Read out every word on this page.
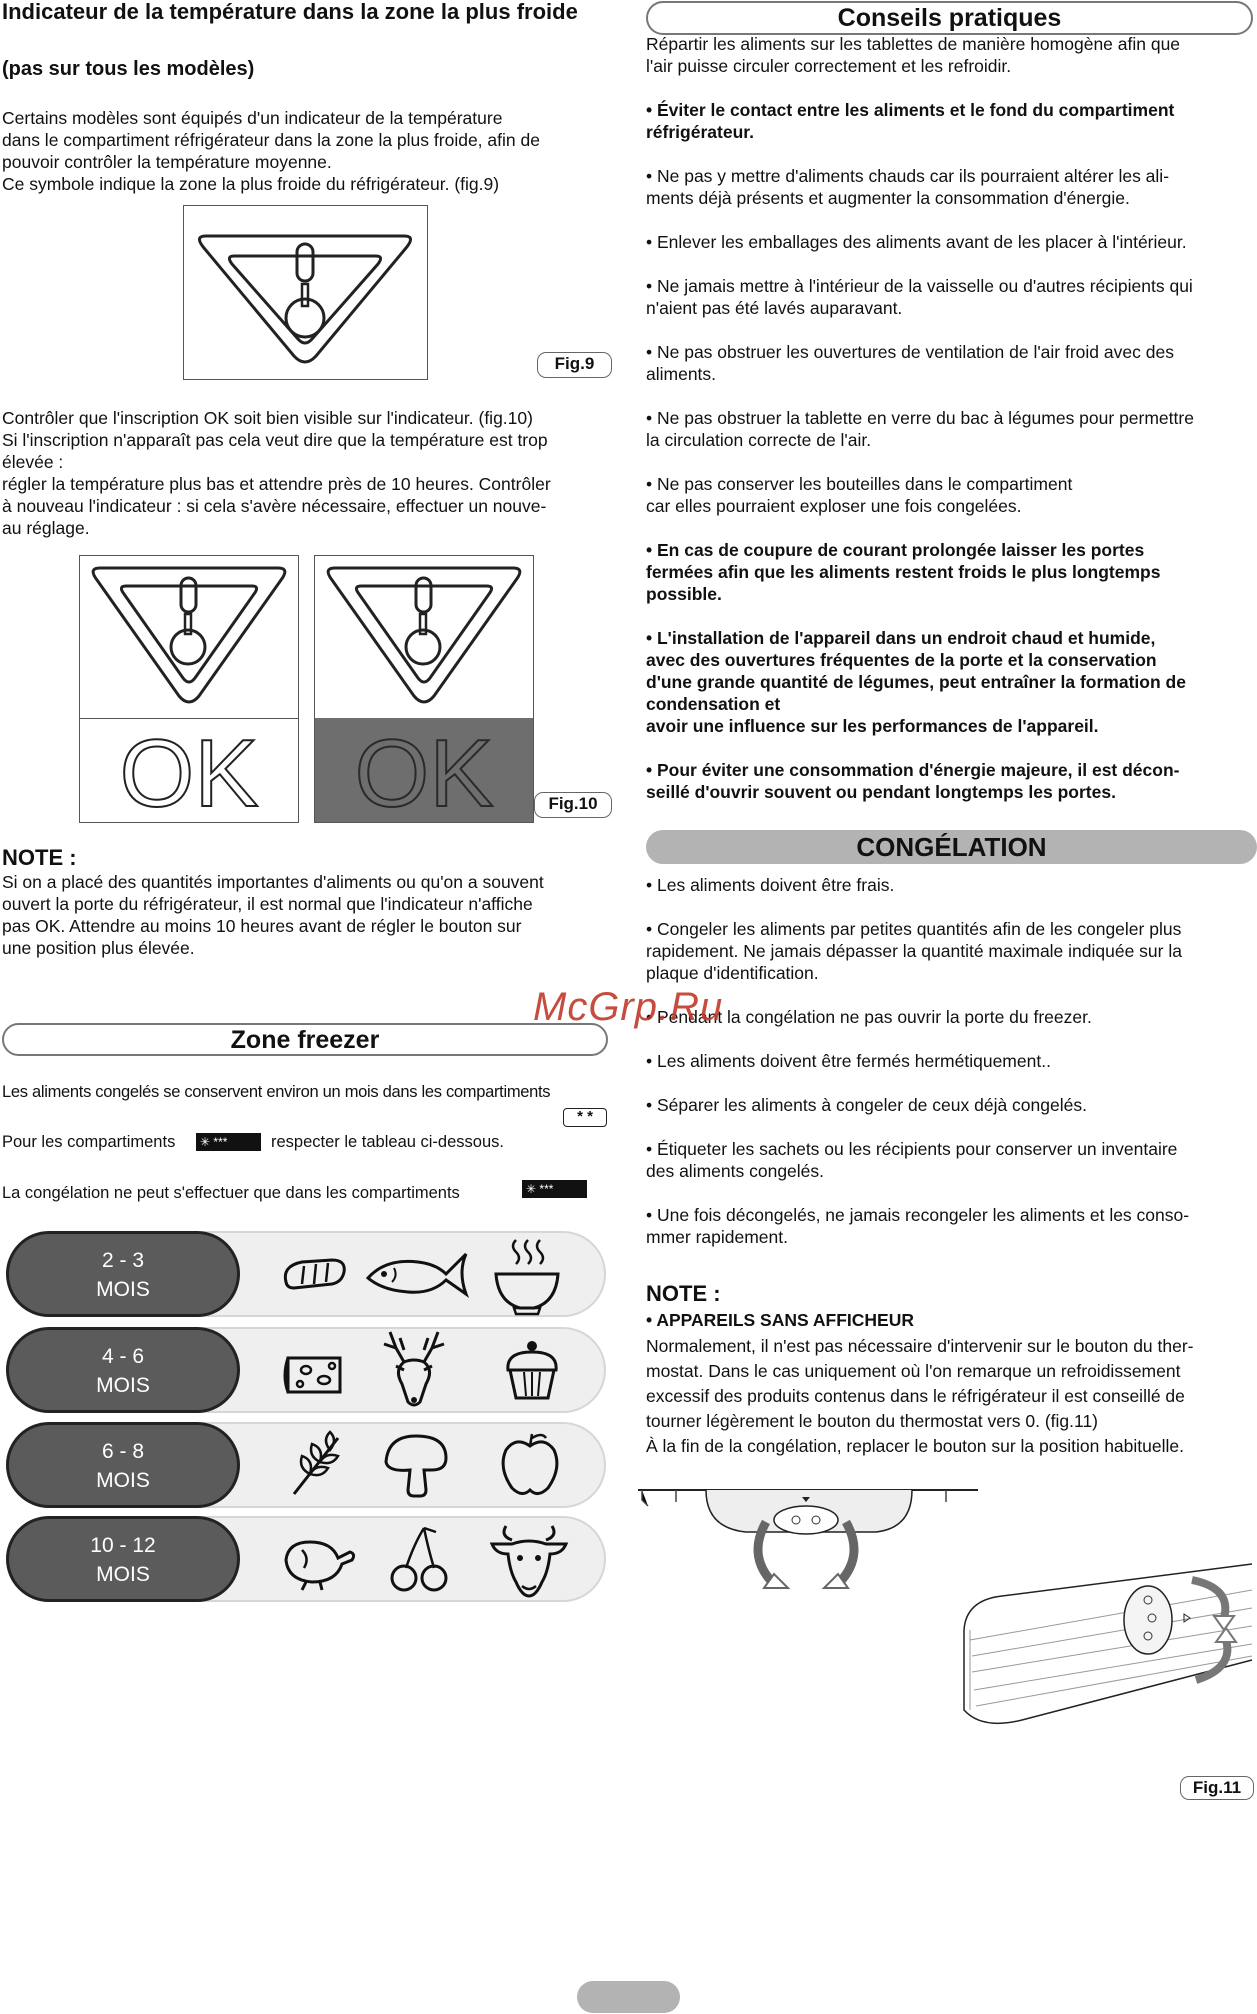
Indicateur de la température dans la zone la plus froide
(pas sur tous les modèles)
Certains modèles sont équipés d'un indicateur de la température
dans le compartiment réfrigérateur dans la zone la plus froide, afin de
pouvoir contrôler la température moyenne.
Ce symbole indique la zone la plus froide du réfrigérateur. (fig.9)
Fig.9
Contrôler que l'inscription OK soit bien visible sur l'indicateur. (fig.10)
Si l'inscription n'apparaît pas cela veut dire que la température est trop
élevée :
régler la température plus bas et attendre près de 10 heures. Contrôler
à nouveau l'indicateur : si cela s'avère nécessaire, effectuer un nouve-
au réglage.
OK	OK	Fig.10
NOTE :
Si on a placé des quantités importantes d'aliments ou qu'on a souvent
ouvert la porte du réfrigérateur, il est normal que l'indicateur n'affiche
pas OK. Attendre au moins 10 heures avant de régler le bouton sur
une position plus élevée.
Zone freezer
Les aliments congelés se conservent environ un mois dans les compartiments
* *
Pour les compartiments	✳ ***	respecter le tableau ci-dessous.
La congélation ne peut s'effectuer que dans les compartiments	✳ ***
2 - 3
MOIS
4 - 6
MOIS
6 - 8
MOIS
10 - 12
MOIS
Conseils pratiques
Répartir les aliments sur les tablettes de manière homogène afin que
l'air puisse circuler correctement et les refroidir.
• Éviter le contact entre les aliments et le fond du compartiment
réfrigérateur.
• Ne pas y mettre d'aliments chauds car ils pourraient altérer les ali-
ments déjà présents et augmenter la consommation d'énergie.
• Enlever les emballages des aliments avant de les placer à l'intérieur.
• Ne jamais mettre à l'intérieur de la vaisselle ou d'autres récipients qui
n'aient pas été lavés auparavant.
• Ne pas obstruer les ouvertures de ventilation de l'air froid avec des
aliments.
• Ne pas obstruer la tablette en verre du bac à légumes pour permettre
la circulation correcte de l'air.
• Ne pas conserver les bouteilles dans le compartiment
car elles pourraient exploser une fois congelées.
• En cas de coupure de courant prolongée laisser les portes
fermées afin que les aliments restent froids le plus longtemps
possible.
• L'installation de l'appareil dans un endroit chaud et humide,
avec des ouvertures fréquentes de la porte et la conservation
d'une grande quantité de légumes, peut entraîner la formation de
condensation et
avoir une influence sur les performances de l'appareil.
• Pour éviter une consommation d'énergie majeure, il est décon-
seillé d'ouvrir souvent ou pendant longtemps les portes.
CONGÉLATION
• Les aliments doivent être frais.
• Congeler les aliments par petites quantités afin de les congeler plus
rapidement. Ne jamais dépasser la quantité maximale indiquée sur la
plaque d'identification.
• Pendant la congélation ne pas ouvrir la porte du freezer.
• Les aliments doivent être fermés hermétiquement..
• Séparer les aliments à congeler de ceux déjà congelés.
• Étiqueter les sachets ou les récipients pour conserver un inventaire
des aliments congelés.
• Une fois décongelés, ne jamais recongeler les aliments et les conso-
mmer rapidement.
NOTE :
• APPAREILS SANS AFFICHEUR
Normalement, il n'est pas nécessaire d'intervenir sur le bouton du ther-
mostat. Dans le cas uniquement où l'on remarque un refroidissement
excessif des produits contenus dans le réfrigérateur il est conseillé de
tourner légèrement le bouton du thermostat vers 0. (fig.11)
À la fin de la congélation, replacer le bouton sur la position habituelle.
Fig.11
McGrp.Ru
